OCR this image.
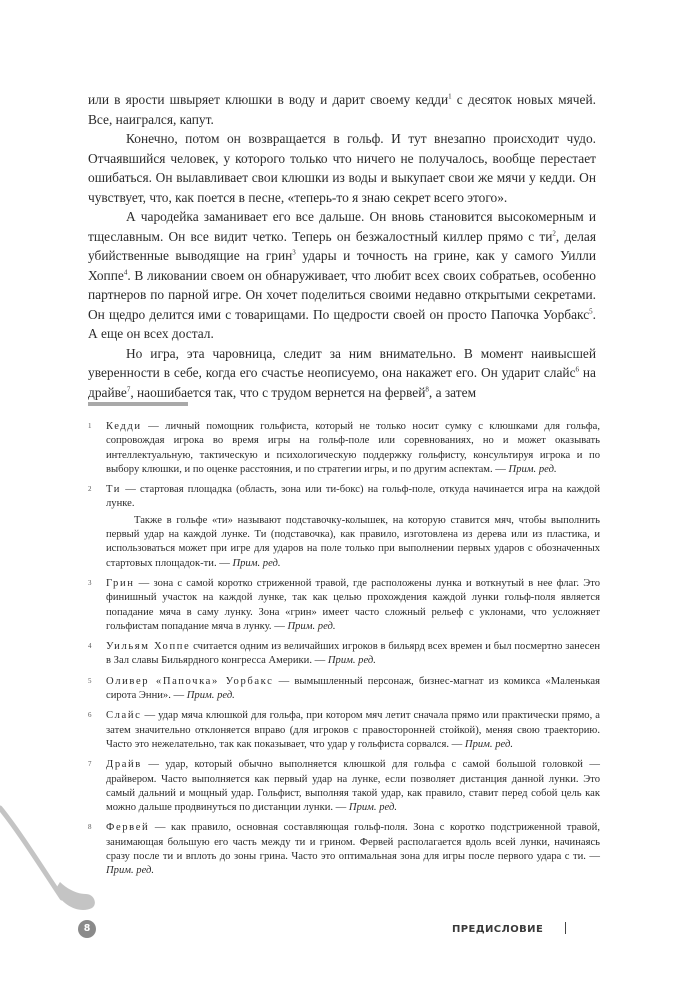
или в ярости швыряет клюшки в воду и дарит своему кедди$^1$ с десяток новых мячей. Все, наигрался, капут.

Конечно, потом он возвращается в гольф. И тут внезапно происходит чудо. Отчаявшийся человек, у которого только что ничего не получалось, вообще перестает ошибаться. Он вылавливает свои клюшки из воды и выкупает свои же мячи у кедди. Он чувствует, что, как поется в песне, «теперь-то я знаю секрет всего этого».

А чародейка заманивает его все дальше. Он вновь становится высокомерным и тщеславным. Он все видит четко. Теперь он безжалостный киллер прямо с $ти^2$, делая убийственные выводящие на грин$^3$ удары и точность на грине, как у самого Уилли Хоппе$^4$. В ликовании своем он обнаруживает, что любит всех своих собратьев, особенно партнеров по парной игре. Он хочет поделиться своими недавно открытыми секретами. Он щедро делится ими с товарищами. По щедрости своей он просто Папочка Уорбакс$^5$. А еще он всех достал.

Но игра, эта чаровница, следит за ним внимательно. В момент наивысшей уверенности в себе, когда его счастье неописуемо, она накажет его. Он ударит слайс$^6$ на драйве$^7$, наошибается так, что с трудом вернется на фервей$^8$, а затем

1 Кедди — личный помощник гольфиста, который не только носит сумку с клюшками для гольфа, сопровождая игрока во время игры на гольф-поле или соревнованиях, но и может оказывать интеллектуальную, тактическую и психологическую поддержку гольфисту, консультируя игрока и по выбору клюшки, и по оценке расстояния, и по стратегии игры, и по другим аспектам. — Прим. ред.
2 Ти — стартовая площадка (область, зона или ти-бокс) на гольф-поле, откуда начинается игра на каждой лунке.
Также в гольфе «ти» называют подставочку-колышек, на которую ставится мяч, чтобы выполнить первый удар на каждой лунке. Ти (подставочка), как правило, изготовлена из дерева или из пластика, и использоваться может при игре для ударов на поле только при выполнении первых ударов с обозначенных стартовых площадок-ти. — Прим. ред.
3 Грин — зона с самой коротко стриженной травой, где расположены лунка и воткнутый в нее флаг. Это финишный участок на каждой лунке, так как целью прохождения каждой лунки гольф-поля является попадание мяча в саму лунку. Зона «грин» имеет часто сложный рельеф с уклонами, что усложняет гольфистам попадание мяча в лунку. — Прим. ред.
4 Уильям Хоппе считается одним из величайших игроков в бильярд всех времен и был посмертно занесен в Зал славы Бильярдного конгресса Америки. — Прим. ред.
5 Оливер «Папочка» Уорбакс — вымышленный персонаж, бизнес-магнат из комикса «Маленькая сирота Энни». — Прим. ред.
6 Слайс — удар мяча клюшкой для гольфа, при котором мяч летит сначала прямо или практически прямо, а затем значительно отклоняется вправо (для игроков с правосторонней стойкой), меняя свою траекторию. Часто это нежелательно, так как показывает, что удар у гольфиста сорвался. — Прим. ред.
7 Драйв — удар, который обычно выполняется клюшкой для гольфа с самой большой головкой — драйвером. Часто выполняется как первый удар на лунке, если позволяет дистанция данной лунки. Это самый дальний и мощный удар. Гольфист, выполняя такой удар, как правило, ставит перед собой цель как можно дальше продвинуться по дистанции лунки. — Прим. ред.
8 Фервей — как правило, основная составляющая гольф-поля. Зона с коротко подстриженной травой, занимающая большую его часть между ти и грином. Фервей располагается вдоль всей лунки, начинаясь сразу после ти и вплоть до зоны грина. Часто это оптимальная зона для игры после первого удара с ти. — Прим. ред.
8	ПРЕДИСЛОВИЕ
